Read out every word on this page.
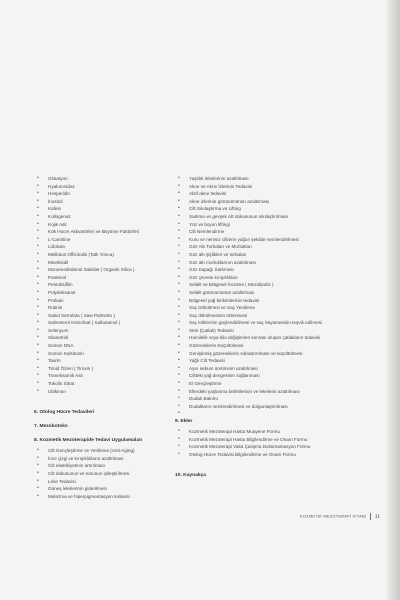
• Glutatyon
• Hyaluronidaz
• Hesperidin
• İnositol
• Kafein
• Kollogenaz
• Kojik Asit
• Kök Hücre Aktivatörleri ve Büyüme Faktörleri
• L-Carnitine
• Lidokain
• Melilotus Officinalis (Tatlı Yonca)
• Mineksidil
• Monometilsilanol Salisilat ( Organik Silica )
• Pantenol
• Pentoksifilin
• Polydeksanol
• Prokain
• Rutinin
• Sabal Serrulata ( Saw Palmetto )
• Salmeterol Ksinofoat ( Salbutamol )
• Selenyum
• Silanetriol
• Somon DNA
• Somon Kalsitonin
• Taurin
• Tiroid Özleri ( Tiroxin )
• Traneksamik Asit
• Tokolin Sitrat
• Ubikinon
6. Otolog Hücre Tedavileri
7. Mezobotoks
8. Kozmetik Mezoterapide Tedavi Uygulamaları
• Cilt Gençleştirme ve Yenileme (Anti-Aging)
• İnce çizgi ve kırışıklıkların azaltılması
• Cilt elastikiyetinin artırılması
• Cilt dokusunun ve tonunun iyileştirilmesi
• Leke Tedavisi
• Güneş lekelerinin giderilmesi
• Melazma ve hiperpigmentasyon tedavisi
• Yaşlılık lekelerinin azaltılması
• Akne ve Akne İzlerinin Tedavisi
• Aktif akne tedavisi
• Akne izlerinin görünümünün azaltılması
• Cilt Sıkılaştırma ve Lifting
• Sarkma ve gevşek cilt dokusunun sıkılaştırılması
• Yüz ve boyun liftingi
• Cilt Nemlendirme
• Kuru ve nemsiz ciltlerin yoğun şekilde nemlendirilmesi
• Göz Altı Torbaları ve Morlukları
• Göz altı şişlikleri ve torbaları
• Göz altı morluklarının azaltılması
• Göz Kapağı Sarkması
• Göz çevresi kırışıklıkları
• Selülit ve Bölgesel İncelme ( Mezolipoliz )
• Selülit görünümünün azaltılması
• Bölgesel yağ birikimlerinin tedavisi
• Saç Dökülmesi ve Saç Yenileme
• Saç dökülmesinin önlenmesi
• Saç köklerinin güçlendirilmesi ve saç büyümesinin teşvik edilmesi
• Strie (Çatlak) Tedavisi
• Hamilelik veya kilo değişimleri sonrası oluşan çatlakların tedavisi
• Gözeneklerin Küçültülmesi
• Genişlemiş gözeneklerin sıkılaştırılması ve küçültülmesi
• Yağlı Cilt Tedavisi
• Aşırı sebum üretiminin azaltılması
• Ciltteki yağ dengesinin sağlanması
• El Gençleştirme
• Ellerdeki yaşlanma belirtilerinin ve lekelerin azaltılması
• Dudak Bakımı
• Dudakların nemlendirilmesi ve dolgunlaştırılması
•
9. Ekler
• Kozmetik Mezoterapi Hasta Muayene Formu
• Kozmetik Mezoterapi Hasta Bilgilendirme ve Onam Formu
• Kozmetik Mezoterapi Vaka Çalışma Dokümantasyon Formu
• Otolog Hücre Tedavisi Bilgilendirme ve Onam Formu
10. Kaynakça
KOZMETİK MEZOTERAPİ KİTABI 11
